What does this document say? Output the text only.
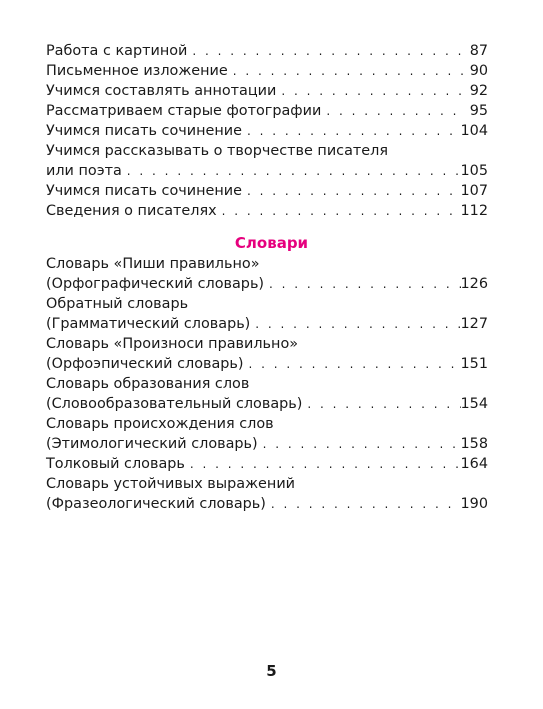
Работа с картиной . . .	87
Письменное изложение . . .	90
Учимся составлять аннотации . . .	92
Рассматриваем старые фотографии . . .	95
Учимся писать сочинение . . .	104
Учимся рассказывать о творчестве писателя
или поэта . . .	105
Учимся писать сочинение . . .	107
Сведения о писателях . . .	112
Словари
Словарь «Пиши правильно»
(Орфографический словарь) . . .	126
Обратный словарь
(Грамматический словарь) . . .	127
Словарь «Произноси правильно»
(Орфоэпический словарь) . . .	151
Словарь образования слов
(Словообразовательный словарь) . . .	154
Словарь происхождения слов
(Этимологический словарь) . . .	158
Толковый словарь . . .	164
Словарь устойчивых выражений
(Фразеологический словарь) . . .	190
5
